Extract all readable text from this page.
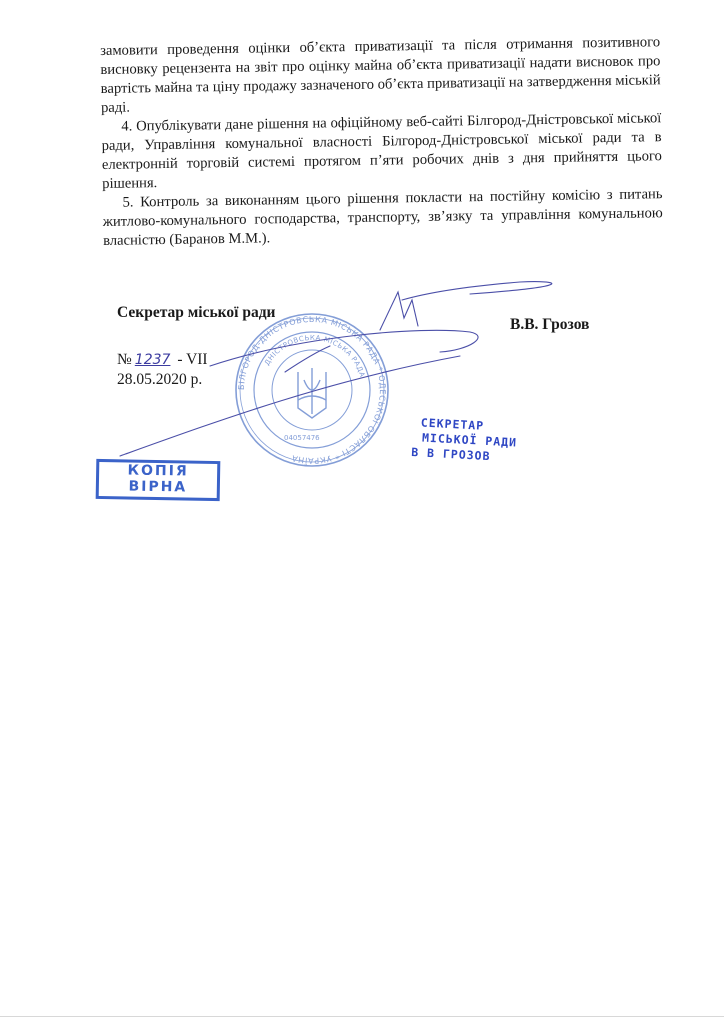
замовити проведення оцінки об’єкта приватизації та після отримання позитивного висновку рецензента на звіт про оцінку майна об’єкта приватизації надати висновок про вартість майна та ціну продажу зазначеного об’єкта приватизації на затвердження міській раді.

4. Опублікувати дане рішення на офіційному веб-сайті Білгород-Дністровської міської ради, Управління комунальної власності Білгород-Дністровської міської ради та в електронній торговій системі протягом п’яти робочих днів з дня прийняття цього рішення.

5. Контроль за виконанням цього рішення покласти на постійну комісію з питань житлово-комунального господарства, транспорту, зв’язку та управління комунальною власністю (Баранов М.М.).

Секретар міської ради
В.В. Грозов
№ 1237 - VII
28.05.2020 р.	БІЛГОРОД-ДНІСТРОВСЬКА МІСЬКА РАДА * ОДЕСЬКОЇ ОБЛАСТІ * УКРАЇНА
ДНІСТРОВСЬКА МІСЬКА РАДА
04057476
КОПІЯ
ВІРНА
СЕКРЕТАР
МІСЬКОЇ РАДИ
В В ГРОЗОВ
